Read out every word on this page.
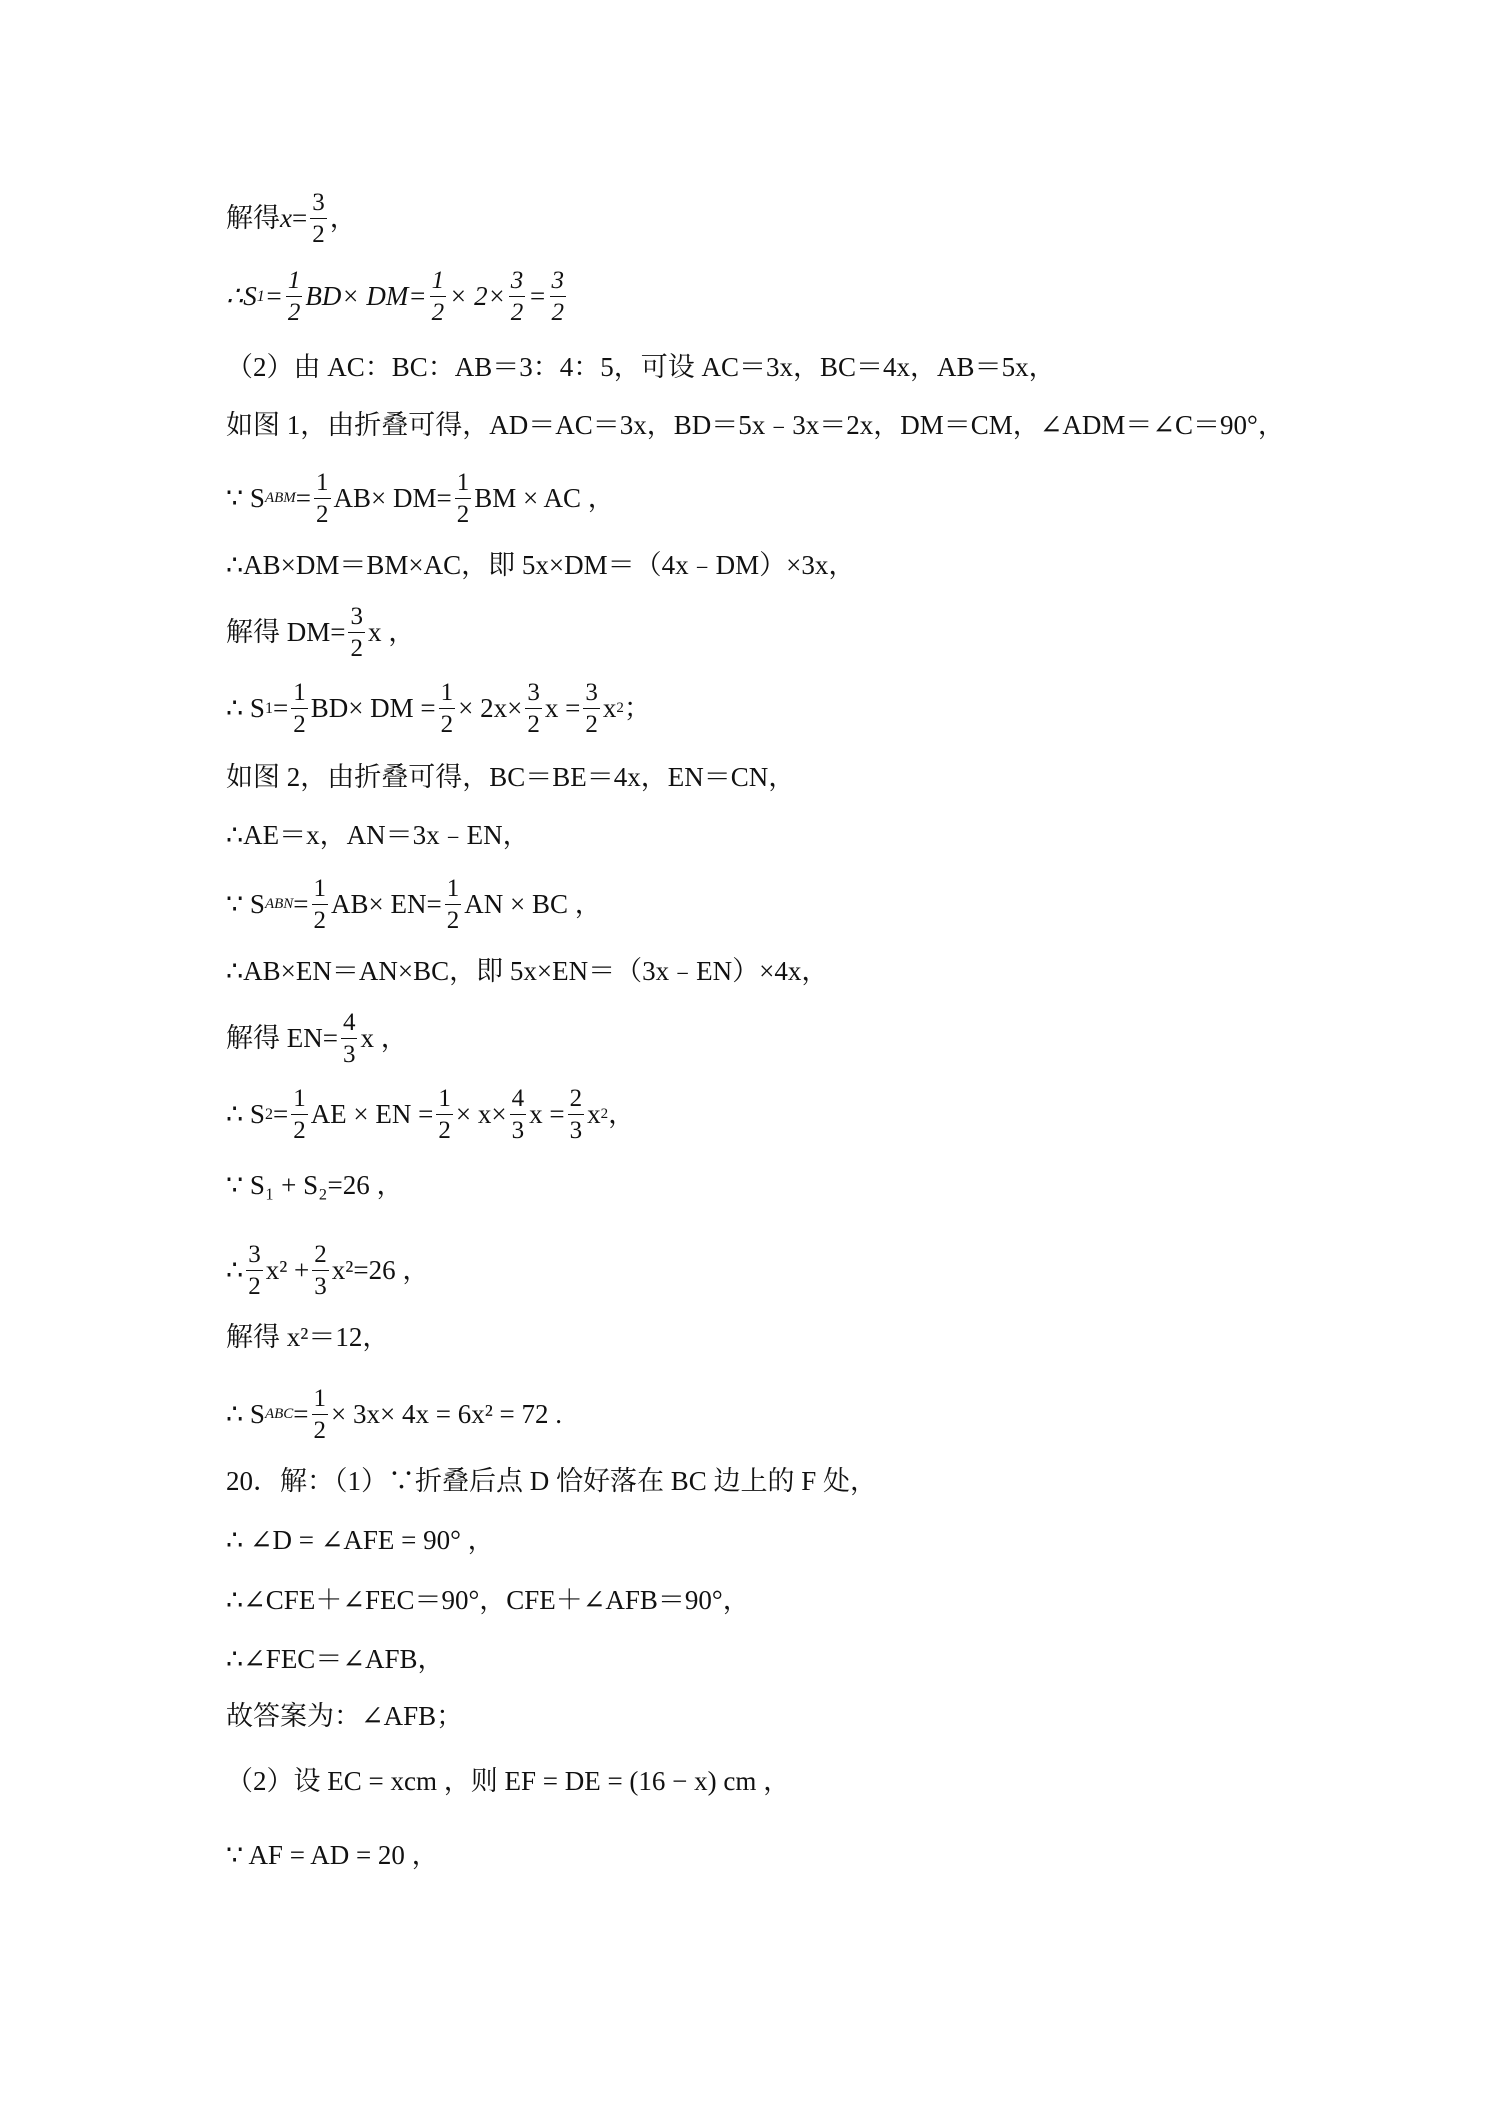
解得 $x = \frac{3}{2}$ ，
∴ S $1 = \frac{1}{2} BD\times DM= \frac{1}{2} \times 2\times \frac{3}{2} = \frac{3}{2}$
（2）由 AC：BC：AB＝3：4：5，可设 AC＝3x，BC＝4x，AB＝5x，
如图 1，由折叠可得，AD＝AC＝3x，BD＝5x﹣3x＝2x，DM＝CM，∠ADM＝∠C＝90°，
∵ S ABM = $\frac{1}{2} AB\times DM= \frac{1}{2}$ BM × AC ，
∴AB×DM＝BM×AC，即 5x×DM＝（4x﹣DM）×3x，
解得 $DM= \frac{3}{2}$ x ，
∴ S $1 = \frac{1}{2} BD\times$ DM = $\frac{1}{2} \times 2x\times \frac{3}{2}$ $x = \frac{3}{2}$ x 2 ；
如图 2，由折叠可得，BC＝BE＝4x，EN＝CN，
∴AE＝x，AN＝3x﹣EN，
∵ S ABN = $\frac{1}{2} AB\times EN= \frac{1}{2}$ AN × BC ，
∴AB×EN＝AN×BC，即 5x×EN＝（3x﹣EN）×4x，
解得 $EN= \frac{4}{3}$ x ，
∴ S $2 = \frac{1}{2}$ AE × EN = $\frac{1}{2} \times x\times \frac{4}{3}$ $x = \frac{2}{3}$ x 2 ，
∵ S₁ + S₂=26 ，
∴ $\frac{3}{2} x^2 + \frac{2}{3} x^2=26$ ，
解得 x²＝12，
∴ S ABC = $\frac{1}{2} \times 3x\times 4x = 6x^2 = 72$ .
20．解：（1）∵折叠后点 D 恰好落在 BC 边上的 F 处，
∴ ∠D = ∠AFE = 90° ，
∴∠CFE＋∠FEC＝90°，CFE＋∠AFB＝90°，
∴∠FEC＝∠AFB，
故答案为：∠AFB；
（2）设 EC = xcm ，则 EF = DE = (16 − x) cm ，
∵ AF = AD = 20 ，
